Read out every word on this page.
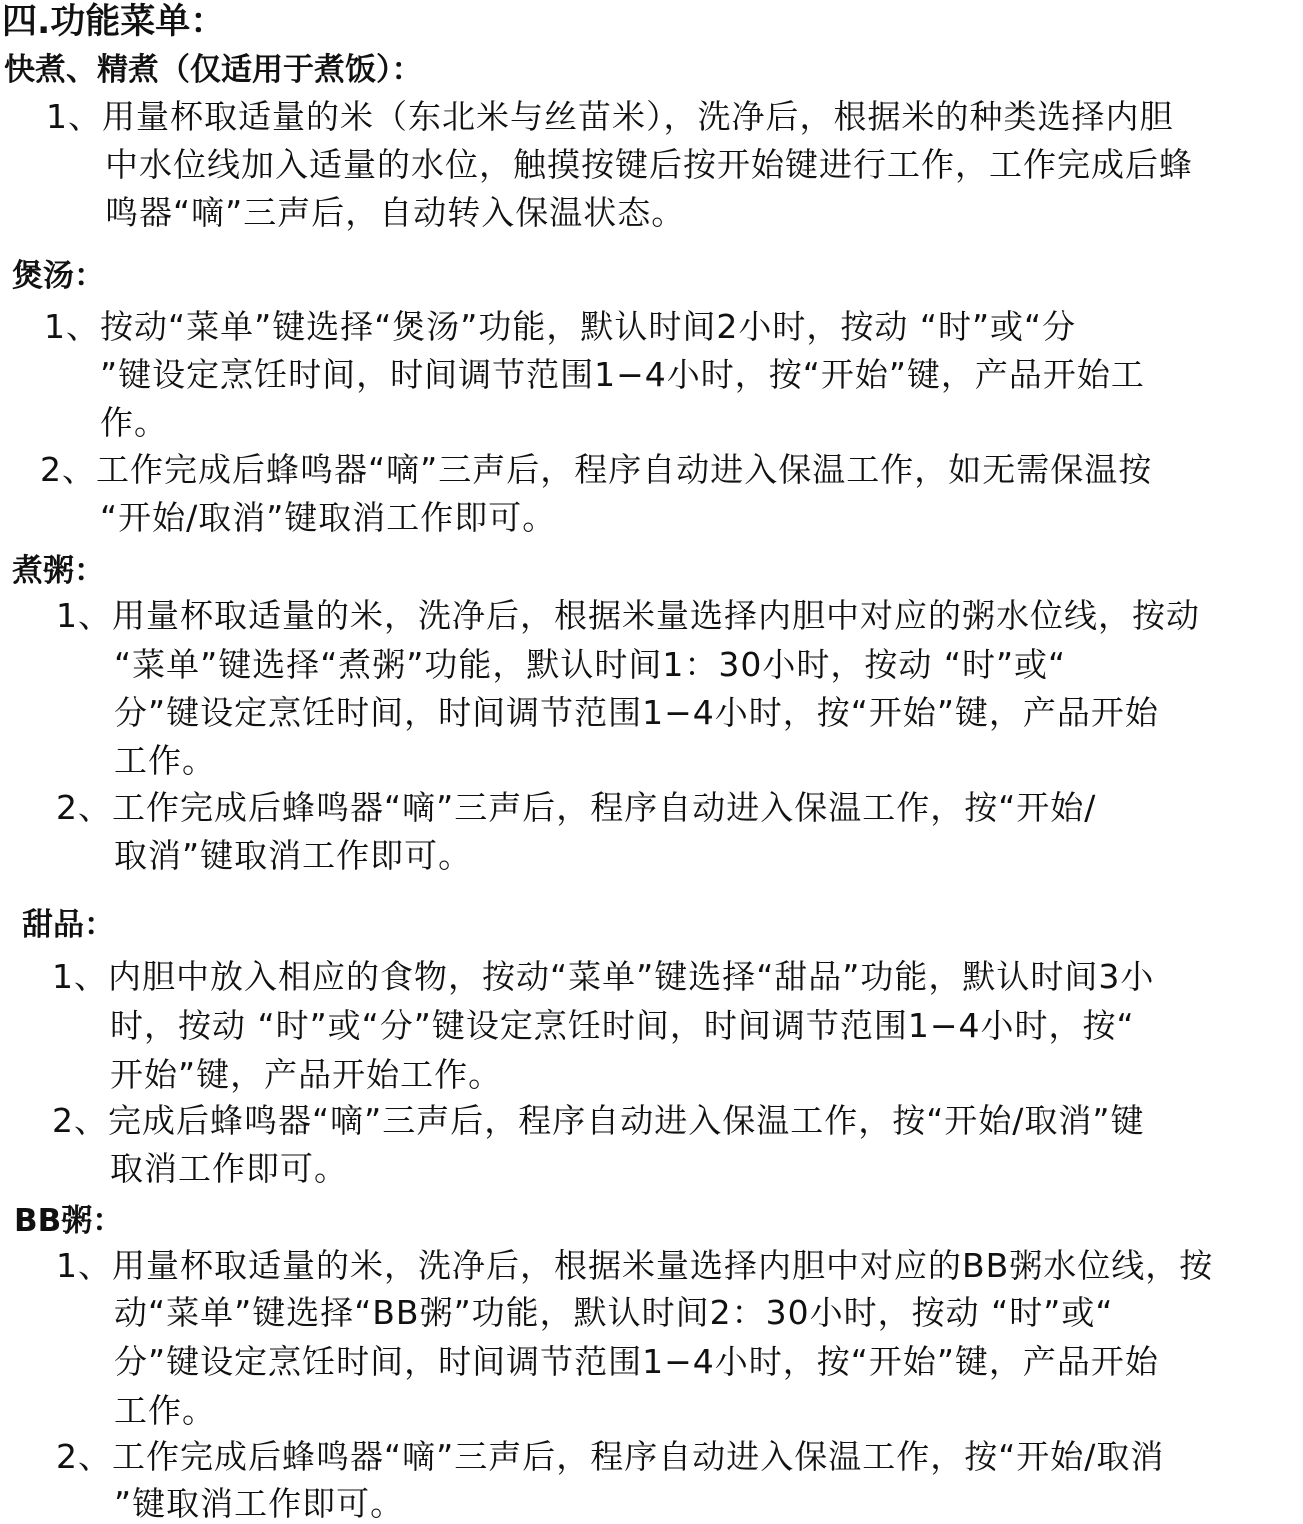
四.功能菜单：
快煮、精煮（仅适用于煮饭）：

1、用量杯取适量的米（东北米与丝苗米），洗净后，根据米的种类选择内胆

中水位线加入适量的水位，触摸按键后按开始键进行工作，工作完成后蜂

鸣器“嘀”三声后，自动转入保温状态。

煲汤：

1、按动“菜单”键选择“煲汤”功能，默认时间2小时，按动 “时”或“分

”键设定烹饪时间，时间调节范围1−4小时，按“开始”键，产品开始工

作。

2、工作完成后蜂鸣器“嘀”三声后，程序自动进入保温工作，如无需保温按

“开始/取消”键取消工作即可。

煮粥：

1、用量杯取适量的米，洗净后，根据米量选择内胆中对应的粥水位线，按动

“菜单”键选择“煮粥”功能，默认时间1：30小时，按动 “时”或“

分”键设定烹饪时间，时间调节范围1−4小时，按“开始”键，产品开始

工作。

2、工作完成后蜂鸣器“嘀”三声后，程序自动进入保温工作，按“开始/

取消”键取消工作即可。

甜品：

1、内胆中放入相应的食物，按动“菜单”键选择“甜品”功能，默认时间3小

时，按动 “时”或“分”键设定烹饪时间，时间调节范围1−4小时，按“

开始”键，产品开始工作。

2、完成后蜂鸣器“嘀”三声后，程序自动进入保温工作，按“开始/取消”键

取消工作即可。

BB粥：

1、用量杯取适量的米，洗净后，根据米量选择内胆中对应的BB粥水位线，按

动“菜单”键选择“BB粥”功能，默认时间2：30小时，按动 “时”或“

分”键设定烹饪时间，时间调节范围1−4小时，按“开始”键，产品开始

工作。

2、工作完成后蜂鸣器“嘀”三声后，程序自动进入保温工作，按“开始/取消

”键取消工作即可。
